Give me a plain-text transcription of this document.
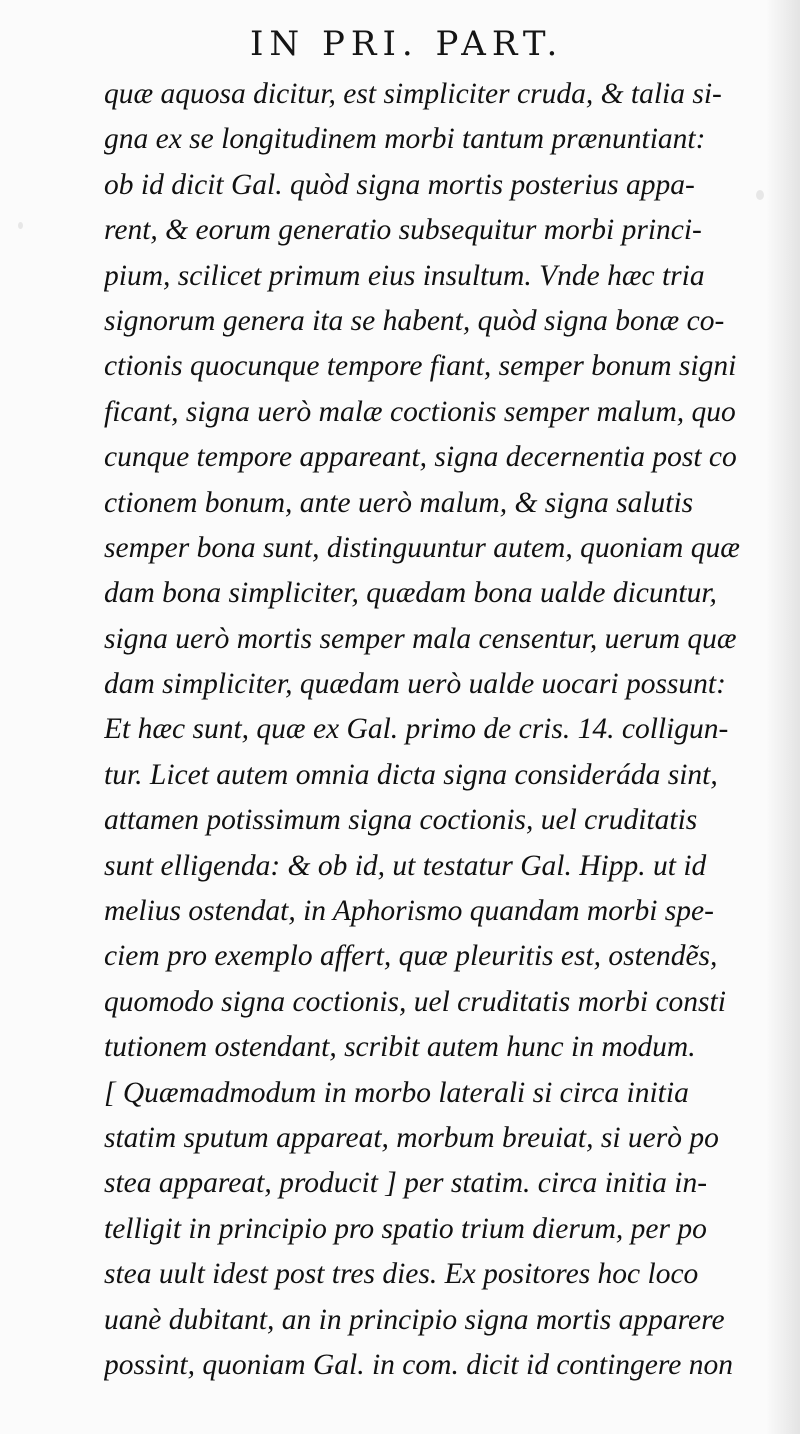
IN PRI. PART.
quæ aquosa dicitur, est simpliciter cruda, & talia si-
gna ex se longitudinem morbi tantum prænuntiant:
ob id dicit Gal. quòd signa mortis posterius appa-
rent, & eorum generatio subsequitur morbi princi-
pium, scilicet primum eius insultum. Vnde hæc tria
signorum genera ita se habent, quòd signa bonæ co-
ctionis quocunque tempore fiant, semper bonum signi
ficant, signa uerò malæ coctionis semper malum, quo
cunque tempore appareant, signa decernentia post co
ctionem bonum, ante uerò malum, & signa salutis
semper bona sunt, distinguuntur autem, quoniam quæ
dam bona simpliciter, quædam bona ualde dicuntur,
signa uerò mortis semper mala censentur, uerum quæ
dam simpliciter, quædam uerò ualde uocari possunt:
Et hæc sunt, quæ ex Gal. primo de cris. 14. colligun-
tur. Licet autem omnia dicta signa consideráda sint,
attamen potissimum signa coctionis, uel cruditatis
sunt elligenda: & ob id, ut testatur Gal. Hipp. ut id
melius ostendat, in Aphorismo quandam morbi spe-
ciem pro exemplo affert, quæ pleuritis est, ostendẽs,
quomodo signa coctionis, uel cruditatis morbi consti
tutionem ostendant, scribit autem hunc in modum.
[ Quæmadmodum in morbo laterali si circa initia
statim sputum appareat, morbum breuiat, si uerò po
stea appareat, producit ] per statim. circa initia in-
telligit in principio pro spatio trium dierum, per po
stea uult idest post tres dies. Ex positores hoc loco
uanè dubitant, an in principio signa mortis apparere
possint, quoniam Gal. in com. dicit id contingere non
